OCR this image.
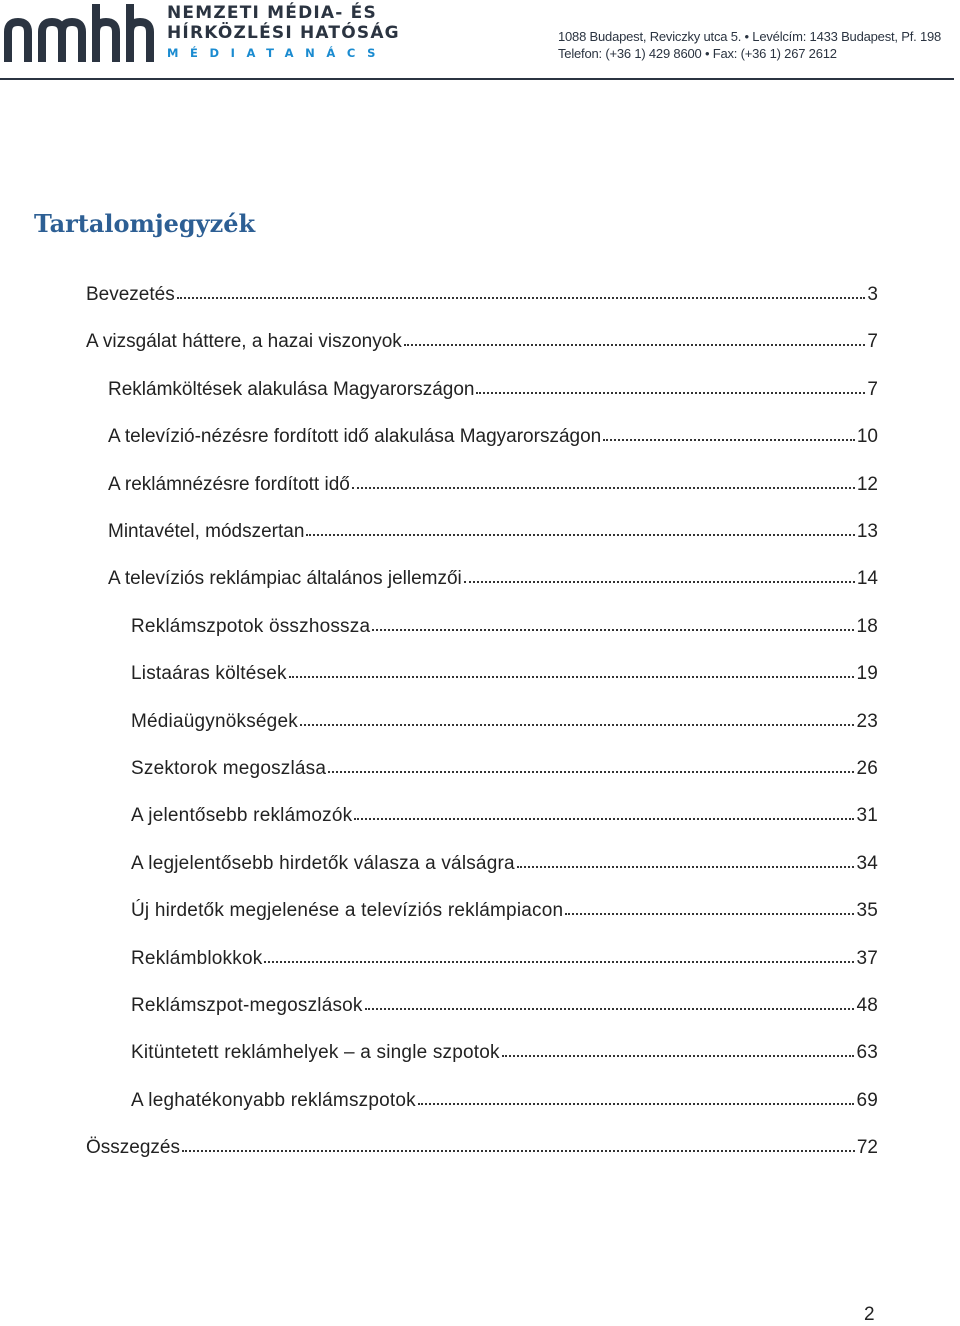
NEMZETI MÉDIA- ÉS
HÍRKÖZLÉSI HATÓSÁG
MÉDIATANÁCS
1088 Budapest, Reviczky utca 5. • Levélcím: 1433 Budapest, Pf. 198
Telefon: (+36 1) 429 8600 • Fax: (+36 1) 267 2612
Tartalomjegyzék
Bevezetés	3
A vizsgálat háttere, a hazai viszonyok	7
Reklámköltések alakulása Magyarországon	7
A televízió-nézésre fordított idő alakulása Magyarországon	10
A reklámnézésre fordított idő	12
Mintavétel, módszertan	13
A televíziós reklámpiac általános jellemzői	14
Reklámszpotok összhossza	18
Listaáras költések	19
Médiaügynökségek	23
Szektorok megoszlása	26
A jelentősebb reklámozók	31
A legjelentősebb hirdetők válasza a válságra	34
Új hirdetők megjelenése a televíziós reklámpiacon	35
Reklámblokkok	37
Reklámszpot-megoszlások	48
Kitüntetett reklámhelyek – a single szpotok	63
A leghatékonyabb reklámszpotok	69
Összegzés	72
2
